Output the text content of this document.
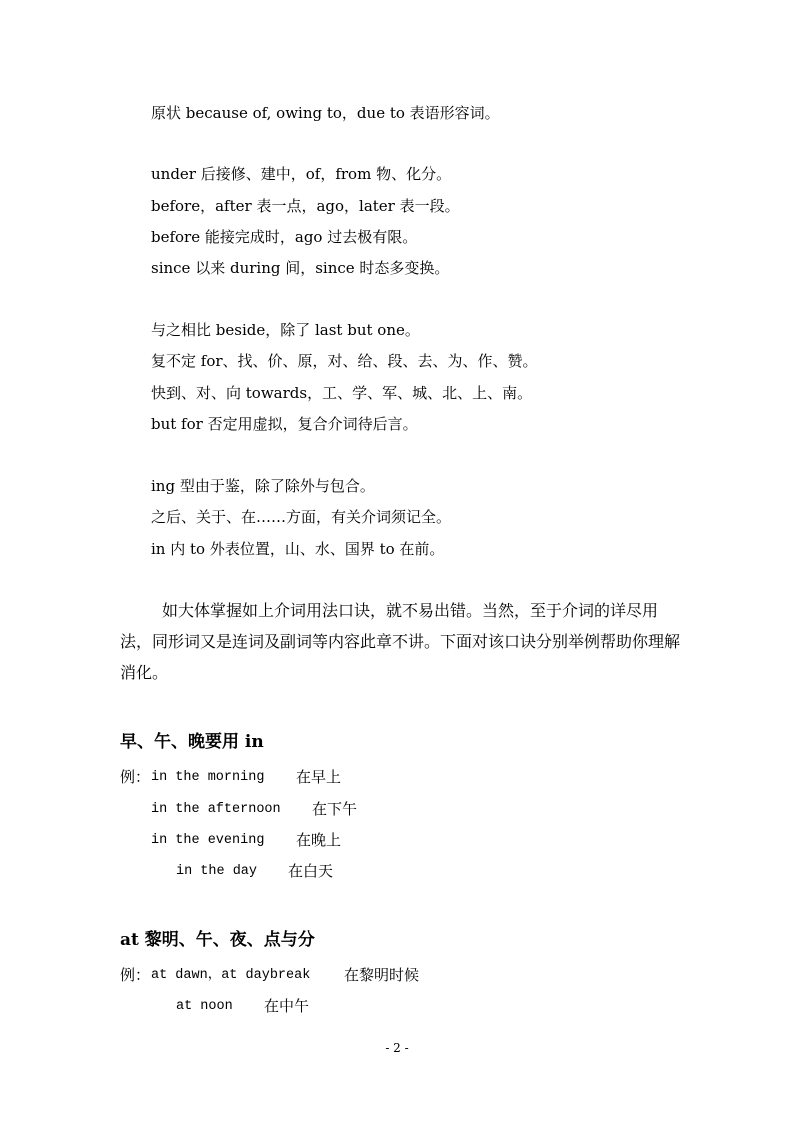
原状 because of, owing to，due to 表语形容词。
under 后接修、建中，of，from 物、化分。
before，after 表一点，ago，later 表一段。
before 能接完成时，ago 过去极有限。
since 以来 during 间，since 时态多变换。
与之相比 beside，除了 last but one。
复不定 for、找、价、原，对、给、段、去、为、作、赞。
快到、对、向 towards，工、学、军、城、北、上、南。
but for 否定用虚拟，复合介词待后言。
ing 型由于鉴，除了除外与包合。
之后、关于、在……方面，有关介词须记全。
in 内 to 外表位置，山、水、国界 to 在前。
如大体掌握如上介词用法口诀，就不易出错。当然，至于介词的详尽用法，同形词又是连词及副词等内容此章不讲。下面对该口诀分别举例帮助你理解消化。
早、午、晚要用 in
例： in the morning 在早上
in the afternoon 在下午
in the evening 在晚上
in the day 在白天
at 黎明、午、夜、点与分
例： at dawn，at daybreak 在黎明时候
at noon 在中午
- 2 -
